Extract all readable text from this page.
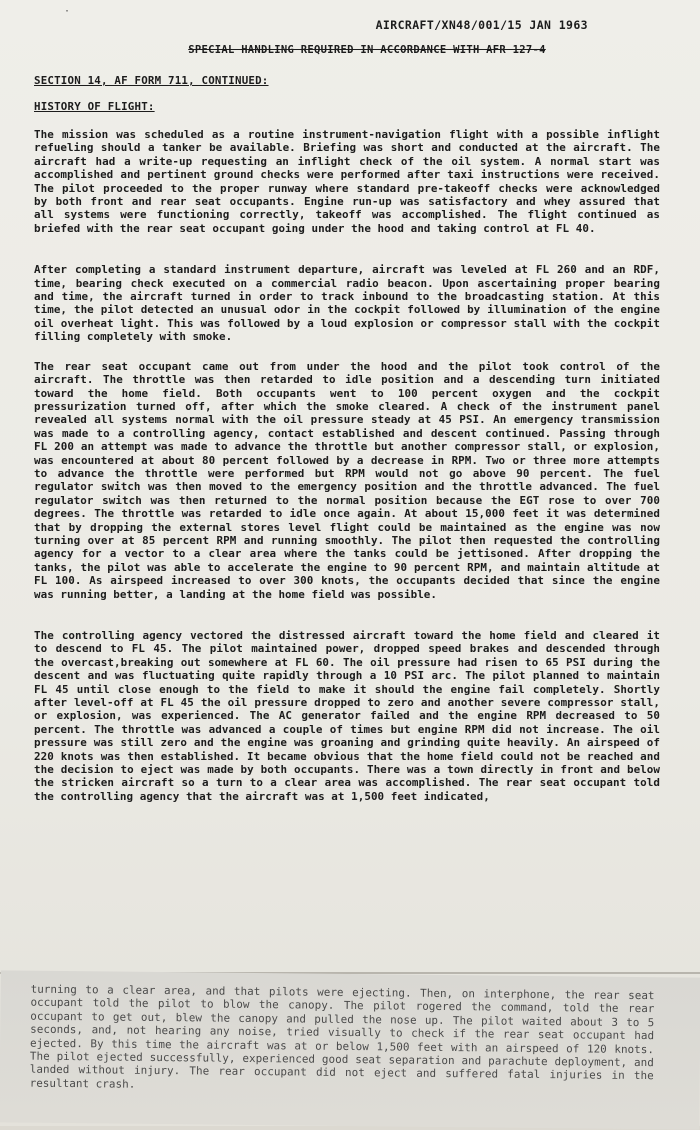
·
AIRCRAFT/XN48/001/15 JAN 1963
SPECIAL HANDLING REQUIRED IN ACCORDANCE WITH AFR 127-4
SECTION 14, AF FORM 711, CONTINUED:
HISTORY OF FLIGHT:
The mission was scheduled as a routine instrument-navigation flight with a possible inflight refueling should a tanker be available. Briefing was short and conducted at the aircraft. The aircraft had a write-up requesting an inflight check of the oil system. A normal start was accomplished and pertinent ground checks were performed after taxi instructions were received. The pilot proceeded to the proper runway where standard pre-takeoff checks were acknowledged by both front and rear seat occupants. Engine run-up was satisfactory and whey assured that all systems were functioning correctly, takeoff was accomplished. The flight continued as briefed with the rear seat occupant going under the hood and taking control at FL 40.
After completing a standard instrument departure, aircraft was leveled at FL 260 and an RDF, time, bearing check executed on a commercial radio beacon. Upon ascertaining proper bearing and time, the aircraft turned in order to track inbound to the broadcasting station. At this time, the pilot detected an unusual odor in the cockpit followed by illumination of the engine oil overheat light. This was followed by a loud explosion or compressor stall with the cockpit filling completely with smoke.
The rear seat occupant came out from under the hood and the pilot took control of the aircraft. The throttle was then retarded to idle position and a descending turn initiated toward the home field. Both occupants went to 100 percent oxygen and the cockpit pressurization turned off, after which the smoke cleared. A check of the instrument panel revealed all systems normal with the oil pressure steady at 45 PSI. An emergency transmission was made to a controlling agency, contact established and descent continued. Passing through FL 200 an attempt was made to advance the throttle but another compressor stall, or explosion, was encountered at about 80 percent followed by a decrease in RPM. Two or three more attempts to advance the throttle were performed but RPM would not go above 90 percent. The fuel regulator switch was then moved to the emergency position and the throttle advanced. The fuel regulator switch was then returned to the normal position because the EGT rose to over 700 degrees. The throttle was retarded to idle once again. At about 15,000 feet it was determined that by dropping the external stores level flight could be maintained as the engine was now turning over at 85 percent RPM and running smoothly. The pilot then requested the controlling agency for a vector to a clear area where the tanks could be jettisoned. After dropping the tanks, the pilot was able to accelerate the engine to 90 percent RPM, and maintain altitude at FL 100. As airspeed increased to over 300 knots, the occupants decided that since the engine was running better, a landing at the home field was possible.
The controlling agency vectored the distressed aircraft toward the home field and cleared it to descend to FL 45. The pilot maintained power, dropped speed brakes and descended through the overcast,breaking out somewhere at FL 60. The oil pressure had risen to 65 PSI during the descent and was fluctuating quite rapidly through a 10 PSI arc. The pilot planned to maintain FL 45 until close enough to the field to make it should the engine fail completely. Shortly after level-off at FL 45 the oil pressure dropped to zero and another severe compressor stall, or explosion, was experienced. The AC generator failed and the engine RPM decreased to 50 percent. The throttle was advanced a couple of times but engine RPM did not increase. The oil pressure was still zero and the engine was groaning and grinding quite heavily. An airspeed of 220 knots was then established. It became obvious that the home field could not be reached and the decision to eject was made by both occupants. There was a town directly in front and below the stricken aircraft so a turn to a clear area was accomplished. The rear seat occupant told the controlling agency that the aircraft was at 1,500 feet indicated,
turning to a clear area, and that pilots were ejecting. Then, on interphone, the rear seat occupant told the pilot to blow the canopy. The pilot rogered the command, told the rear occupant to get out, blew the canopy and pulled the nose up. The pilot waited about 3 to 5 seconds, and, not hearing any noise, tried visually to check if the rear seat occupant had ejected. By this time the aircraft was at or below 1,500 feet with an airspeed of 120 knots. The pilot ejected successfully, experienced good seat separation and parachute deployment, and landed without injury. The rear occupant did not eject and suffered fatal injuries in the resultant crash.
